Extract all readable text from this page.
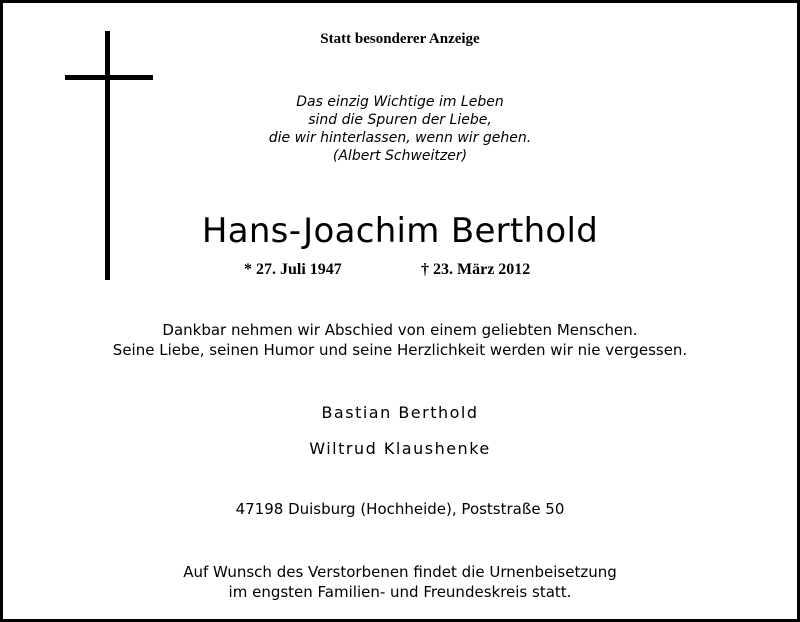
Statt besonderer Anzeige
Das einzig Wichtige im Leben
sind die Spuren der Liebe,
die wir hinterlassen, wenn wir gehen.
(Albert Schweitzer)
Hans-Joachim Berthold
* 27. Juli 1947	† 23. März 2012
Dankbar nehmen wir Abschied von einem geliebten Menschen.
Seine Liebe, seinen Humor und seine Herzlichkeit werden wir nie vergessen.
Bastian Berthold
Wiltrud Klaushenke
47198 Duisburg (Hochheide), Poststraße 50
Auf Wunsch des Verstorbenen findet die Urnenbeisetzung
im engsten Familien- und Freundeskreis statt.
